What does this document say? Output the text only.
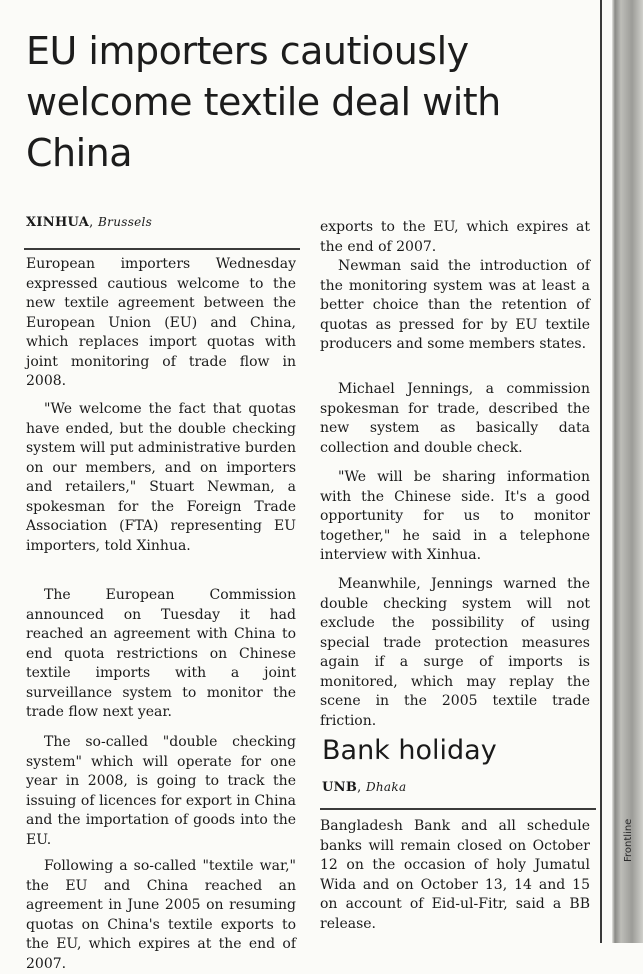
Frontline
EU importers cautiously welcome textile deal with China
XINHUA, Brussels

European importers Wednesday expressed cautious welcome to the new textile agreement between the European Union (EU) and China, which replaces import quotas with joint monitoring of trade flow in 2008.

"We welcome the fact that quotas have ended, but the double checking system will put administrative burden on our members, and on importers and retailers," Stuart Newman, a spokesman for the Foreign Trade Association (FTA) representing EU importers, told Xinhua.

The European Commission announced on Tuesday it had reached an agreement with China to end quota restrictions on Chinese textile imports with a joint surveillance system to monitor the trade flow next year.

The so-called "double checking system" which will operate for one year in 2008, is going to track the issuing of licences for export in China and the importation of goods into the EU.

Following a so-called "textile war," the EU and China reached an agreement in June 2005 on resuming quotas on China's textile exports to the EU, which expires at the end of 2007.

exports to the EU, which expires at the end of 2007.

Newman said the introduction of the monitoring system was at least a better choice than the retention of quotas as pressed for by EU textile producers and some members states.

Michael Jennings, a commission spokesman for trade, described the new system as basically data collection and double check.

"We will be sharing information with the Chinese side. It's a good opportunity for us to monitor together," he said in a telephone interview with Xinhua.

Meanwhile, Jennings warned the double checking system will not exclude the possibility of using special trade protection measures again if a surge of imports is monitored, which may replay the scene in the 2005 textile trade friction.

Bank holiday
UNB, Dhaka

Bangladesh Bank and all schedule banks will remain closed on October 12 on the occasion of holy Jumatul Wida and on October 13, 14 and 15 on account of Eid-ul-Fitr, said a BB release.
